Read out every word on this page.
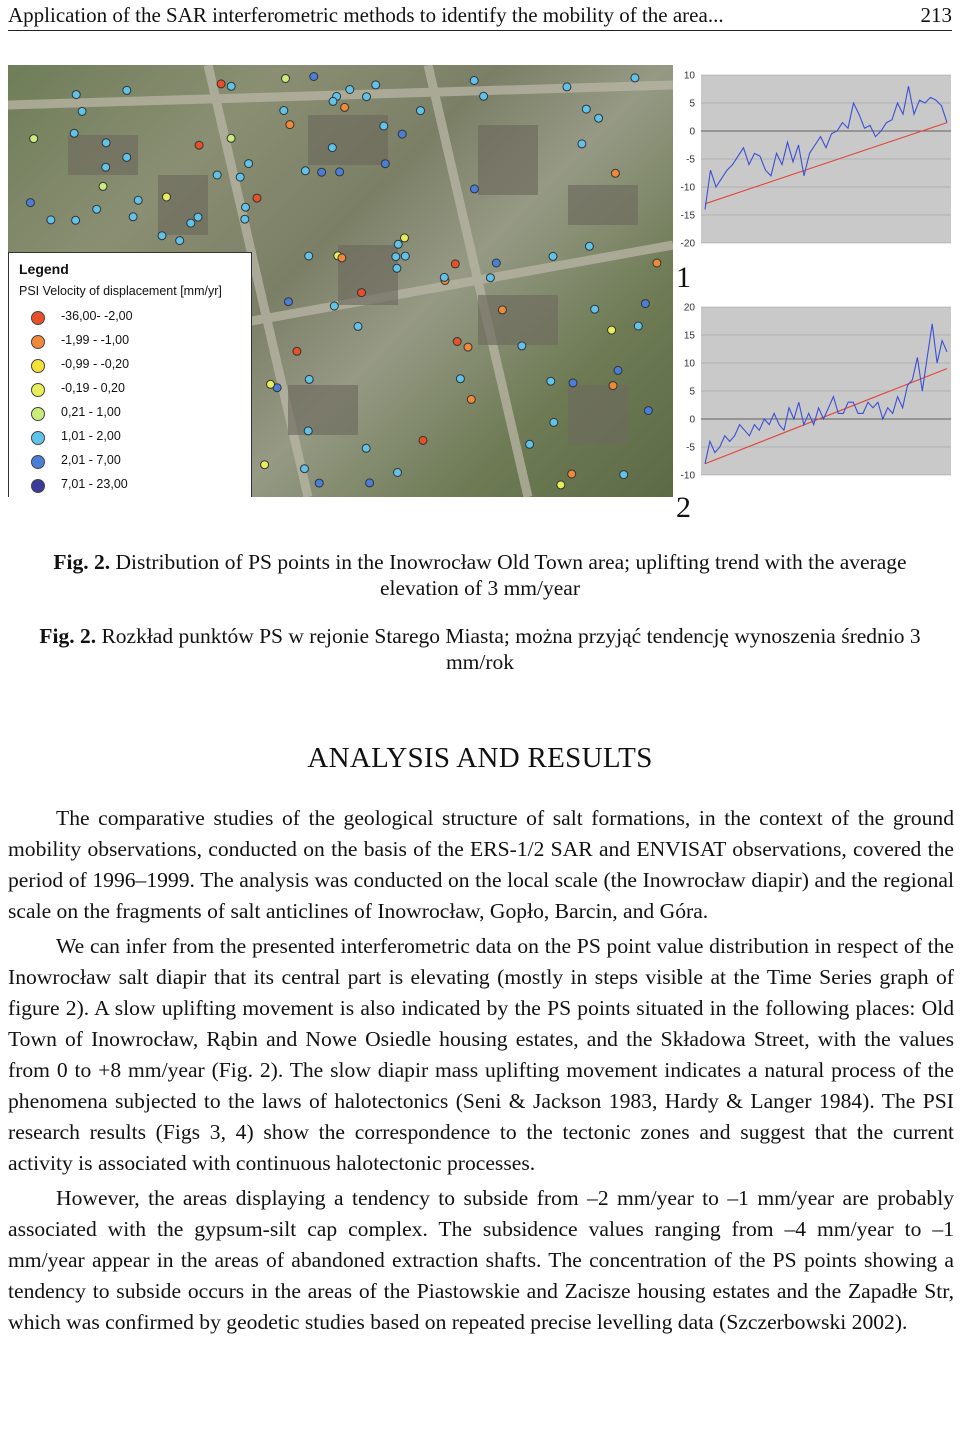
Application of the SAR interferometric methods to identify the mobility of the area...	213
Legend
PSI Velocity of displacement [mm/yr]
-36,00- -2,00
-1,99 - -1,00
-0,99 - -0,20
-0,19 - 0,20
0,21 - 1,00
1,01 - 2,00
2,01 - 7,00
7,01 - 23,00
10
5
0
-5
-10
-15
-20
1
20
15
10
5
0
-5
-10
2
Fig. 2. Distribution of PS points in the Inowrocław Old Town area; uplifting trend with the average elevation of 3 mm/year
Fig. 2. Rozkład punktów PS w rejonie Starego Miasta; można przyjąć tendencję wynoszenia średnio 3 mm/rok
ANALYSIS AND RESULTS

The comparative studies of the geological structure of salt formations, in the context of the ground mobility observations, conducted on the basis of the ERS-1/2 SAR and ENVISAT observations, covered the period of 1996–1999. The analysis was conducted on the local scale (the Inowrocław diapir) and the regional scale on the fragments of salt anticlines of Inowrocław, Gopło, Barcin, and Góra.

We can infer from the presented interferometric data on the PS point value distribution in respect of the Inowrocław salt diapir that its central part is elevating (mostly in steps visible at the Time Series graph of figure 2). A slow uplifting movement is also indicated by the PS points situated in the following places: Old Town of Inowrocław, Rąbin and Nowe Osiedle housing estates, and the Składowa Street, with the values from 0 to +8 mm/year (Fig. 2). The slow diapir mass uplifting movement indicates a natural process of the phenomena subjected to the laws of halotectonics (Seni & Jackson 1983, Hardy & Langer 1984). The PSI research results (Figs 3, 4) show the correspondence to the tectonic zones and suggest that the current activity is associated with continuous halotectonic processes.

However, the areas displaying a tendency to subside from –2 mm/year to –1 mm/year are probably associated with the gypsum-silt cap complex. The subsidence values ranging from –4 mm/year to –1 mm/year appear in the areas of abandoned extraction shafts. The concentration of the PS points showing a tendency to subside occurs in the areas of the Piastowskie and Zacisze housing estates and the Zapadłe Str, which was confirmed by geodetic studies based on repeated precise levelling data (Szczerbowski 2002).
